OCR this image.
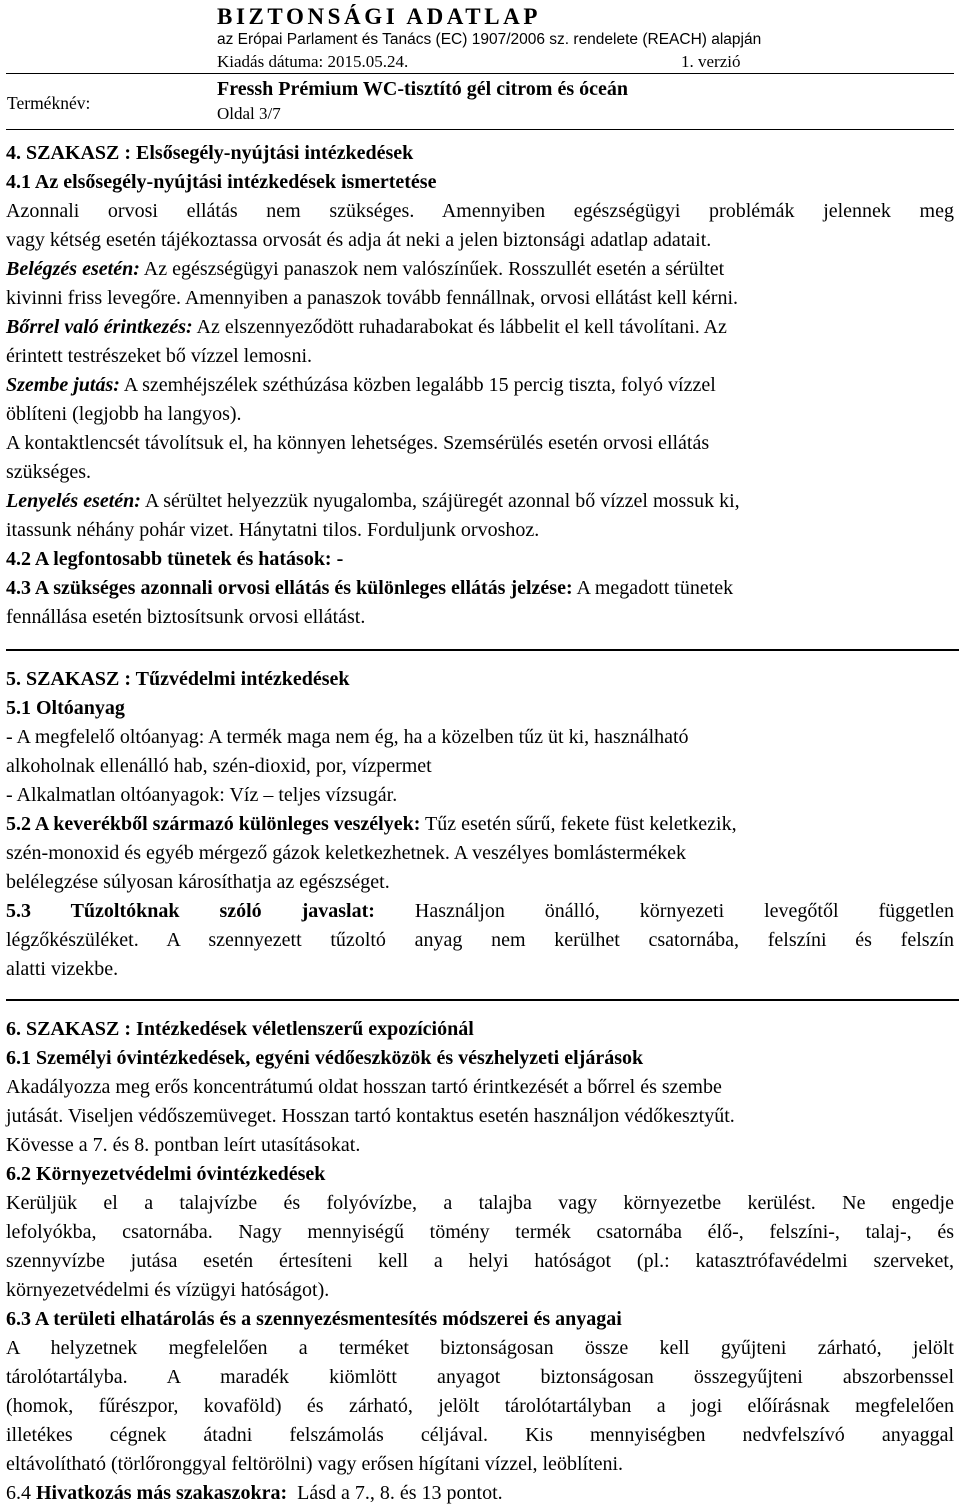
BIZTONSÁGI ADATLAP
az Erópai Parlament és Tanács (EC) 1907/2006 sz. rendelete (REACH) alapján
Kiadás dátuma: 2015.05.24.	1. verzió
Terméknév:
Fressh Prémium WC-tisztító gél citrom és óceán
Oldal 3/7
4. SZAKASZ : Elsősegély-nyújtási intézkedések
4.1 Az elsősegély-nyújtási intézkedések ismertetése
Azonnali orvosi ellátás nem szükséges. Amennyiben egészségügyi problémák jelennek meg
vagy kétség esetén tájékoztassa orvosát és adja át neki a jelen biztonsági adatlap adatait.
Belégzés esetén: Az egészségügyi panaszok nem valószínűek. Rosszullét esetén a sérültet
kivinni friss levegőre. Amennyiben a panaszok tovább fennállnak, orvosi ellátást kell kérni.
Bőrrel való érintkezés: Az elszennyeződött ruhadarabokat és lábbelit el kell távolítani. Az
érintett testrészeket bő vízzel lemosni.
Szembe jutás: A szemhéjszélek széthúzása közben legalább 15 percig tiszta, folyó vízzel
öblíteni (legjobb ha langyos).
A kontaktlencsét távolítsuk el, ha könnyen lehetséges. Szemsérülés esetén orvosi ellátás
szükséges.
Lenyelés esetén: A sérültet helyezzük nyugalomba, szájüregét azonnal bő vízzel mossuk ki,
itassunk néhány pohár vizet. Hánytatni tilos. Forduljunk orvoshoz.
4.2 A legfontosabb tünetek és hatások: -
4.3 A szükséges azonnali orvosi ellátás és különleges ellátás jelzése: A megadott tünetek
fennállása esetén biztosítsunk orvosi ellátást.
5. SZAKASZ : Tűzvédelmi intézkedések
5.1 Oltóanyag
- A megfelelő oltóanyag: A termék maga nem ég, ha a közelben tűz üt ki, használható
alkoholnak ellenálló hab, szén-dioxid, por, vízpermet
- Alkalmatlan oltóanyagok: Víz – teljes vízsugár.
5.2 A keverékből származó különleges veszélyek: Tűz esetén sűrű, fekete füst keletkezik,
szén-monoxid és egyéb mérgező gázok keletkezhetnek. A veszélyes bomlástermékek
belélegzése súlyosan károsíthatja az egészséget.
5.3 Tűzoltóknak szóló javaslat: Használjon önálló, környezeti levegőtől független
légzőkészüléket. A szennyezett tűzoltó anyag nem kerülhet csatornába, felszíni és felszín
alatti vizekbe.
6. SZAKASZ : Intézkedések véletlenszerű expozíciónál
6.1 Személyi óvintézkedések, egyéni védőeszközök és vészhelyzeti eljárások
Akadályozza meg erős koncentrátumú oldat hosszan tartó érintkezését a bőrrel és szembe
jutását. Viseljen védőszemüveget. Hosszan tartó kontaktus esetén használjon védőkesztyűt.
Kövesse a 7. és 8. pontban leírt utasításokat.
6.2 Környezetvédelmi óvintézkedések
Kerüljük el a talajvízbe és folyóvízbe, a talajba vagy környezetbe kerülést. Ne engedje
lefolyókba, csatornába. Nagy mennyiségű tömény termék csatornába élő-, felszíni-, talaj-, és
szennyvízbe jutása esetén értesíteni kell a helyi hatóságot (pl.: katasztrófavédelmi szerveket,
környezetvédelmi és vízügyi hatóságot).
6.3 A területi elhatárolás és a szennyezésmentesítés módszerei és anyagai
A helyzetnek megfelelően a terméket biztonságosan össze kell gyűjteni zárható, jelölt
tárolótartályba. A maradék kiömlött anyagot biztonságosan összegyűjteni abszorbenssel
(homok, fűrészpor, kovaföld) és zárható, jelölt tárolótartályban a jogi előírásnak megfelelően
illetékes cégnek átadni felszámolás céljával. Kis mennyiségben nedvfelszívó anyaggal
eltávolítható (törlőronggyal feltörölni) vagy erősen hígítani vízzel, leöblíteni.
6.4 Hivatkozás más szakaszokra:  Lásd a 7., 8. és 13 pontot.
